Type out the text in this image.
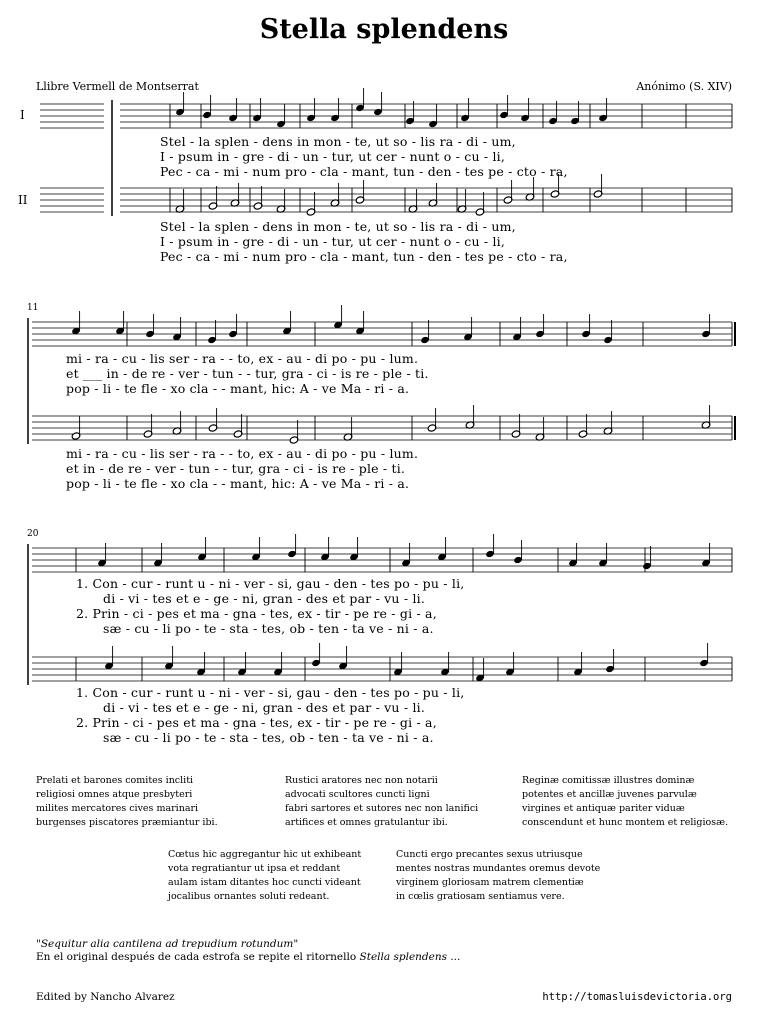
Stella splendens
Llibre Vermell de Montserrat	Anónimo (S. XIV)
I
II
11
20
Stel - la splen - dens in mon - te, ut so - lis ra - di - um,
I - psum in - gre - di - un - tur, ut cer - nunt o - cu - li,
Pec - ca - mi - num pro - cla - mant, tun - den - tes pe - cto - ra,
Stel - la splen - dens in mon - te, ut so - lis ra - di - um,
I - psum in - gre - di - un - tur, ut cer - nunt o - cu - li,
Pec - ca - mi - num pro - cla - mant, tun - den - tes pe - cto - ra,
mi - ra - cu - lis ser - ra - - to, ex - au - di po - pu - lum.
et ___ in - de re - ver - tun - - tur, gra - ci - is re - ple - ti.
pop - li - te fle - xo cla - - mant, hic: A - ve Ma - ri - a.
mi - ra - cu - lis ser - ra - - to, ex - au - di po - pu - lum.
et in - de re - ver - tun - - tur, gra - ci - is re - ple - ti.
pop - li - te fle - xo cla - - mant, hic: A - ve Ma - ri - a.
1. Con - cur - runt u - ni - ver - si, gau - den - tes po - pu - li,
di - vi - tes et e - ge - ni, gran - des et par - vu - li.
2. Prin - ci - pes et ma - gna - tes, ex - tir - pe re - gi - a,
sæ - cu - li po - te - sta - tes, ob - ten - ta ve - ni - a.
1. Con - cur - runt u - ni - ver - si, gau - den - tes po - pu - li,
di - vi - tes et e - ge - ni, gran - des et par - vu - li.
2. Prin - ci - pes et ma - gna - tes, ex - tir - pe re - gi - a,
sæ - cu - li po - te - sta - tes, ob - ten - ta ve - ni - a.
Prelati et barones comites incliti
religiosi omnes atque presbyteri
milites mercatores cives marinari
burgenses piscatores præmiantur ibi.
Rustici aratores nec non notarii
advocati scultores cuncti ligni
fabri sartores et sutores nec non lanifici
artifices et omnes gratulantur ibi.
Reginæ comitissæ illustres dominæ
potentes et ancillæ juvenes parvulæ
virgines et antiquæ pariter viduæ
conscendunt et hunc montem et religiosæ.
Cœtus hic aggregantur hic ut exhibeant
vota regratiantur ut ipsa et reddant
aulam istam ditantes hoc cuncti videant
jocalibus ornantes soluti redeant.
Cuncti ergo precantes sexus utriusque
mentes nostras mundantes oremus devote
virginem gloriosam matrem clementiæ
in cœlis gratiosam sentiamus vere.
"Sequitur alia cantilena ad trepudium rotundum"
En el original después de cada estrofa se repite el ritornello Stella splendens ...
Edited by Nancho Alvarez	http://tomasluisdevictoria.org
